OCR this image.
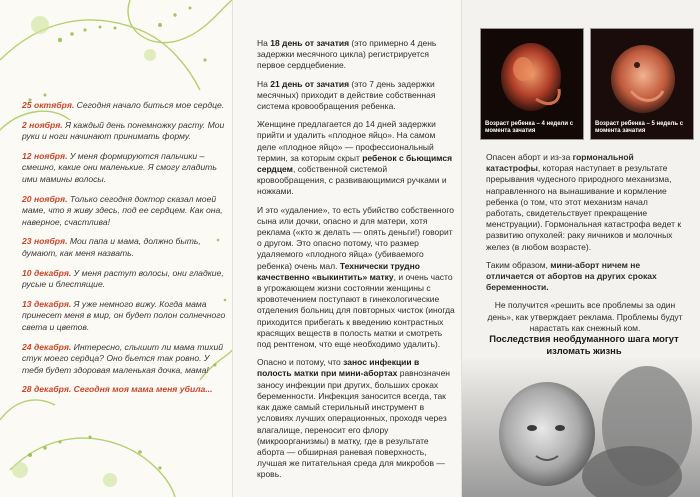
25 октября. Сегодня начало биться мое сердце.

2 ноября. Я каждый день понемножку расту. Мои руки и ноги начинают принимать форму.

12 ноября. У меня формируются пальчики – смешно, какие они маленькие. Я смогу гладить ими мамины волосы.

20 ноября. Только сегодня доктор сказал моей маме, что я живу здесь, под ее сердцем. Как она, наверное, счастлива!

23 ноября. Мои папа и мама, должно быть, думают, как меня назвать.

10 декабря. У меня растут волосы, они гладкие, русые и блестящие.

13 декабря. Я уже немного вижу. Когда мама принесет меня в мир, он будет полон солнечного света и цветов.

24 декабря. Интересно, слышит ли мама тихий стук моего сердца? Оно бьется так ровно. У тебя будет здоровая маленькая дочка, мама!

28 декабря. Сегодня моя мама меня убила...

На 18 день от зачатия (это примерно 4 день задержки месячного цикла) регистрируется первое сердцебиение.

На 21 день от зачатия (это 7 день задержки месячных) приходит в действие собственная система кровообращения ребенка.

Женщине предлагается до 14 дней задержки прийти и удалить «плодное яйцо». На самом деле «плодное яйцо» — профессиональный термин, за которым скрыт ребенок с бьющимся сердцем, собственной системой кровообращения, с развивающимися ручками и ножками.

И это «удаление», то есть убийство собственного сына или дочки, опасно и для матери, хотя реклама («кто ж делать — опять деньги!) говорит о другом. Это опасно потому, что размер удаляемого «плодного яйца» (убиваемого ребенка) очень мал. Технически трудно качественно «выкинтить» матку, и очень часто в угрожающем жизни состоянии женщины с кровотечением поступают в гинекологические отделения больниц для повторных чисток (иногда приходится прибегать к введению контрастных красящих веществ в полость матки и смотреть под рентгеном, что еще необходимо удалить).

Опасно и потому, что занос инфекции в полость матки при мини-абортах равнозначен заносу инфекции при других, больших сроках беременности. Инфекция заносится всегда, так как даже самый стерильный инструмент в условиях лучших операционных, проходя через влагалище, переносит его флору (микроорганизмы) в матку, где в результате аборта — обширная раневая поверхность, лучшая же питательная среда для микробов — кровь.

Возраст ребенка – 4 недели с момента зачатия
Возраст ребенка – 5 недель с момента зачатия

Опасен аборт и из-за гормональной катастрофы, которая наступает в результате прерывания чудесного природного механизма, направленного на вынашивание и кормление ребенка (о том, что этот механизм начал работать, свидетельствует прекращение менструации). Гормональная катастрофа ведет к развитию опухолей: раку яичников и молочных желез (в любом возрасте).

Таким образом, мини-аборт ничем не отличается от абортов на других сроках беременности.

Не получится «решить все проблемы за один день», как утверждает реклама. Проблемы будут нарастать как снежный ком.

Последствия необдуманного шага могут изломать жизнь
